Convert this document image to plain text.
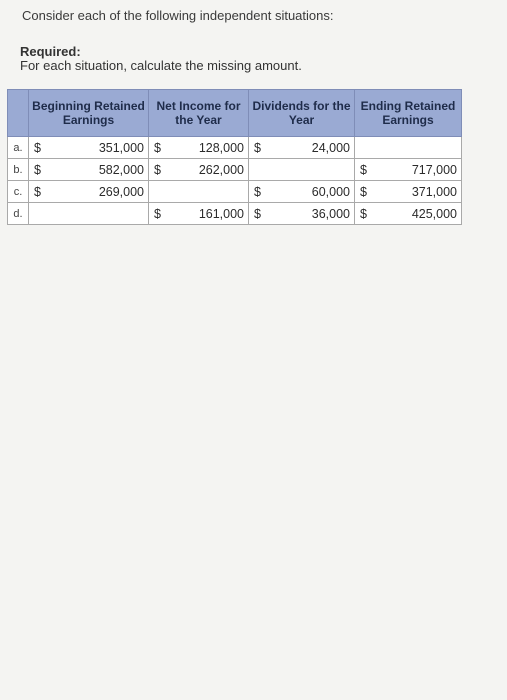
Consider each of the following independent situations:
Required:
For each situation, calculate the missing amount.
	Beginning Retained Earnings	Net Income for the Year	Dividends for the Year	Ending Retained Earnings
a.	$ 351,000	$ 128,000	$ 24,000

b.	$ 582,000	$ 262,000		$ 717,000

c.	$ 269,000		$ 60,000	$ 371,000

d.		$ 161,000	$ 36,000	$ 425,000
